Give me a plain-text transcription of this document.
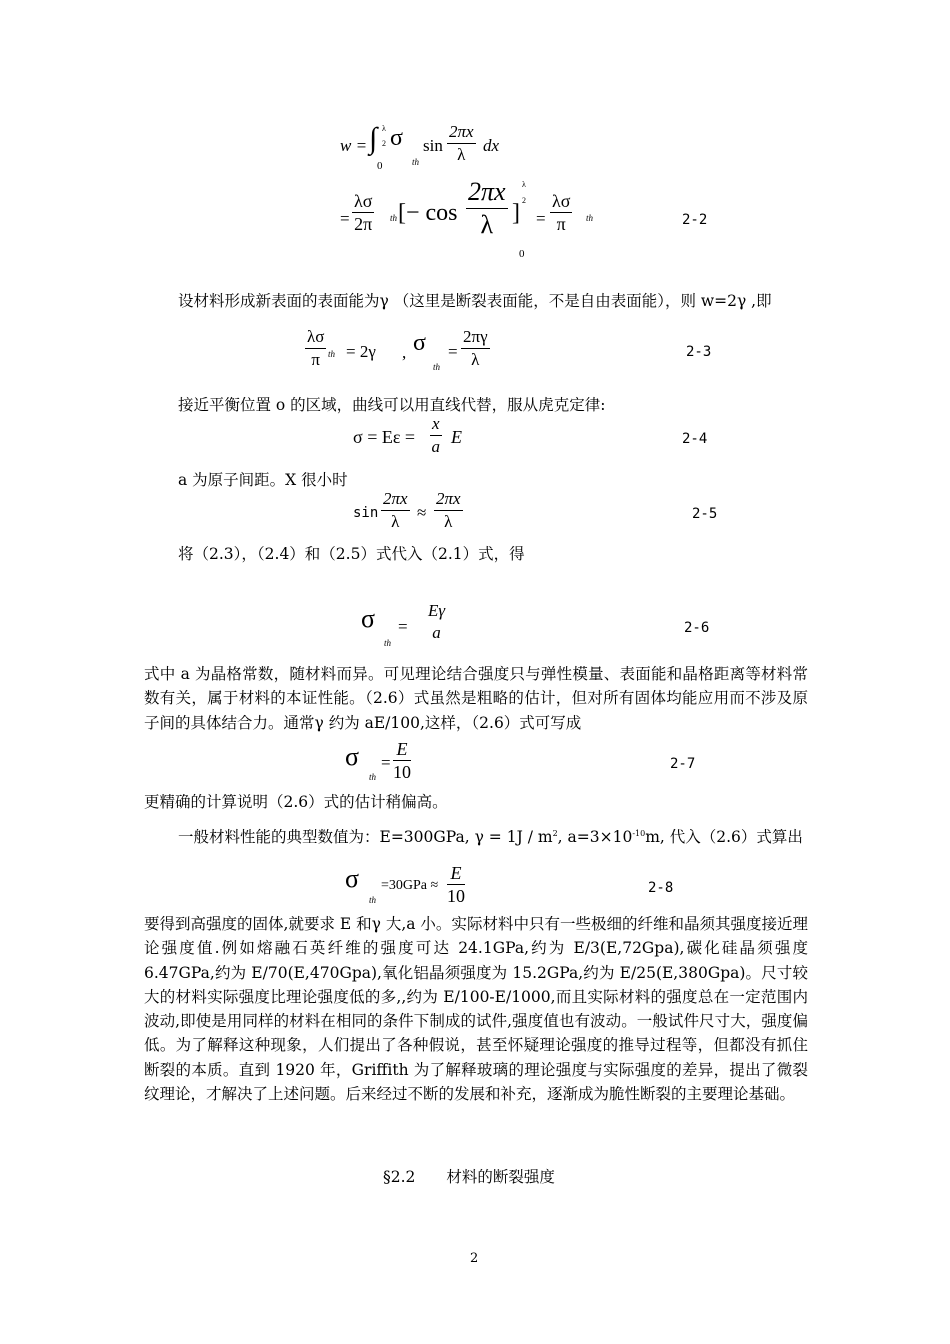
w = ∫ λ
2
0
σ
th
$\sin \frac{2\pi x}{\lambda}$ dx
= $\frac{\lambda\sigma}{2\pi}$ th [− $\cos \frac{2\pi x}{\lambda}$ ]
λ
2
0
= $\frac{\lambda\sigma}{\pi}$ th	2-2
设材料形成新表面的表面能为γ （这里是断裂表面能，不是自由表面能），则 w=2γ ,即
$\frac{\lambda\sigma}{\pi}$ th = 2γ , σ
th
= $\frac{2\pi\gamma}{\lambda}$	2-3
接近平衡位置 o 的区域，曲线可以用直线代替，服从虎克定律:
$\sigma = E\varepsilon = \frac{x}{a}$ E	2-4
a 为原子间距。X 很小时
$\sin \frac{2\pi x}{\lambda} \approx \frac{2\pi x}{\lambda}$	2-5
将（2.3），（2.4）和（2.5）式代入（2.1）式，得
σ
th
=
Eγ
a	2-6
式中 a 为晶格常数，随材料而异。可见理论结合强度只与弹性模量、表面能和晶格距离等材料常数有关，属于材料的本证性能。（2.6）式虽然是粗略的估计，但对所有固体均能应用而不涉及原子间的具体结合力。通常γ 约为 aE/100,这样，（2.6）式可写成
σ
th
= $\frac{E}{10}$	2-7
更精确的计算说明（2.6）式的估计稍偏高。
一般材料性能的典型数值为：E=300GPa, $\gamma = 1J / m^2$, $a=3\times 10^{-10}m$, 代入（2.6）式算出
σ
th
$=30GPa \approx \frac{E}{10}$	2-8
要得到高强度的固体,就要求 E 和γ 大,a 小。实际材料中只有一些极细的纤维和晶须其强度接近理论强度值.例如熔融石英纤维的强度可达 24.1GPa,约为 E/3(E,72Gpa),碳化硅晶须强度 6.47GPa,约为 E/70(E,470Gpa),氧化铝晶须强度为 15.2GPa,约为 E/25(E,380Gpa)。尺寸较大的材料实际强度比理论强度低的多,,约为 E/100-E/1000,而且实际材料的强度总在一定范围内波动,即使是用同样的材料在相同的条件下制成的试件,强度值也有波动。一般试件尺寸大，强度偏低。为了解释这种现象，人们提出了各种假说，甚至怀疑理论强度的推导过程等，但都没有抓住断裂的本质。直到 1920 年，Griffith 为了解释玻璃的理论强度与实际强度的差异，提出了微裂纹理论，才解决了上述问题。后来经过不断的发展和补充，逐渐成为脆性断裂的主要理论基础。
§2.2　　材料的断裂强度
2
